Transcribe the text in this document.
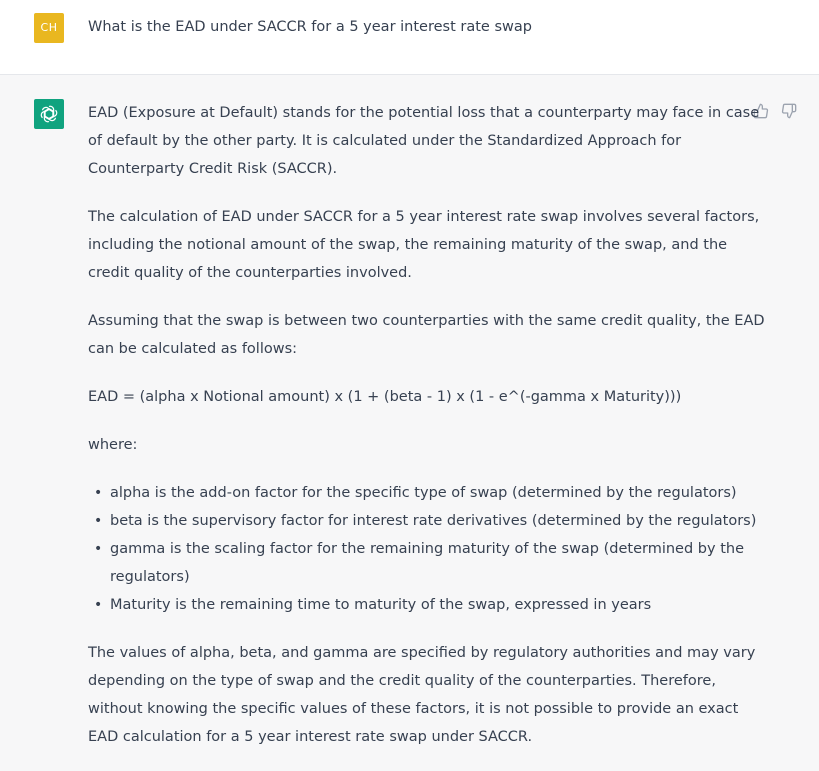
CH	What is the EAD under SACCR for a 5 year interest rate swap

EAD (Exposure at Default) stands for the potential loss that a counterparty may face in case
of default by the other party. It is calculated under the Standardized Approach for
Counterparty Credit Risk (SACCR).

The calculation of EAD under SACCR for a 5 year interest rate swap involves several factors,
including the notional amount of the swap, the remaining maturity of the swap, and the
credit quality of the counterparties involved.

Assuming that the swap is between two counterparties with the same credit quality, the EAD
can be calculated as follows:

EAD = (alpha x Notional amount) x (1 + (beta - 1) x (1 - e^(-gamma x Maturity)))

where:

• alpha is the add-on factor for the specific type of swap (determined by the regulators)
• beta is the supervisory factor for interest rate derivatives (determined by the regulators)
• gamma is the scaling factor for the remaining maturity of the swap (determined by the
regulators)
• Maturity is the remaining time to maturity of the swap, expressed in years

The values of alpha, beta, and gamma are specified by regulatory authorities and may vary
depending on the type of swap and the credit quality of the counterparties. Therefore,
without knowing the specific values of these factors, it is not possible to provide an exact
EAD calculation for a 5 year interest rate swap under SACCR.
